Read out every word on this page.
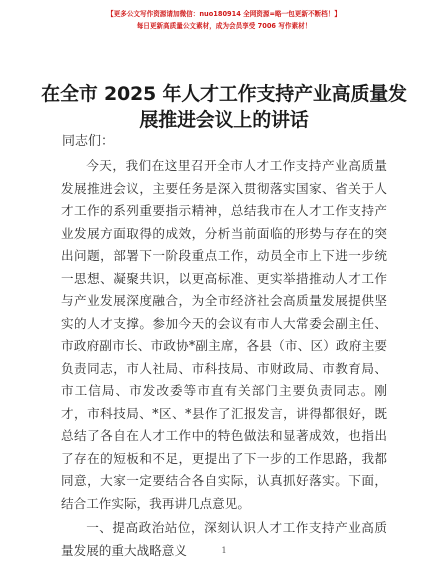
【更多公文写作资源请加微信：nuo180914 全网资源=略一包更新不断档！】
每日更新高质量公文素材，成为会员享受 7006 写作素材！
在全市 2025 年人才工作支持产业高质量发展推进会议上的讲话
同志们：

今天，我们在这里召开全市人才工作支持产业高质量发展推进会议，主要任务是深入贯彻落实国家、省关于人才工作的系列重要指示精神，总结我市在人才工作支持产业发展方面取得的成效，分析当前面临的形势与存在的突出问题，部署下一阶段重点工作，动员全市上下进一步统一思想、凝聚共识，以更高标准、更实举措推动人才工作与产业发展深度融合，为全市经济社会高质量发展提供坚实的人才支撑。参加今天的会议有市人大常委会副主任、市政府副市长、市政协*副主席，各县（市、区）政府主要负责同志，市人社局、市科技局、市财政局、市教育局、市工信局、市发改委等市直有关部门主要负责同志。刚才，市科技局、*区、*县作了汇报发言，讲得都很好，既总结了各自在人才工作中的特色做法和显著成效，也指出了存在的短板和不足，更提出了下一步的工作思路，我都同意，大家一定要结合各自实际，认真抓好落实。下面，结合工作实际，我再讲几点意见。

一、提高政治站位，深刻认识人才工作支持产业高质量发展的重大战略意义	1
